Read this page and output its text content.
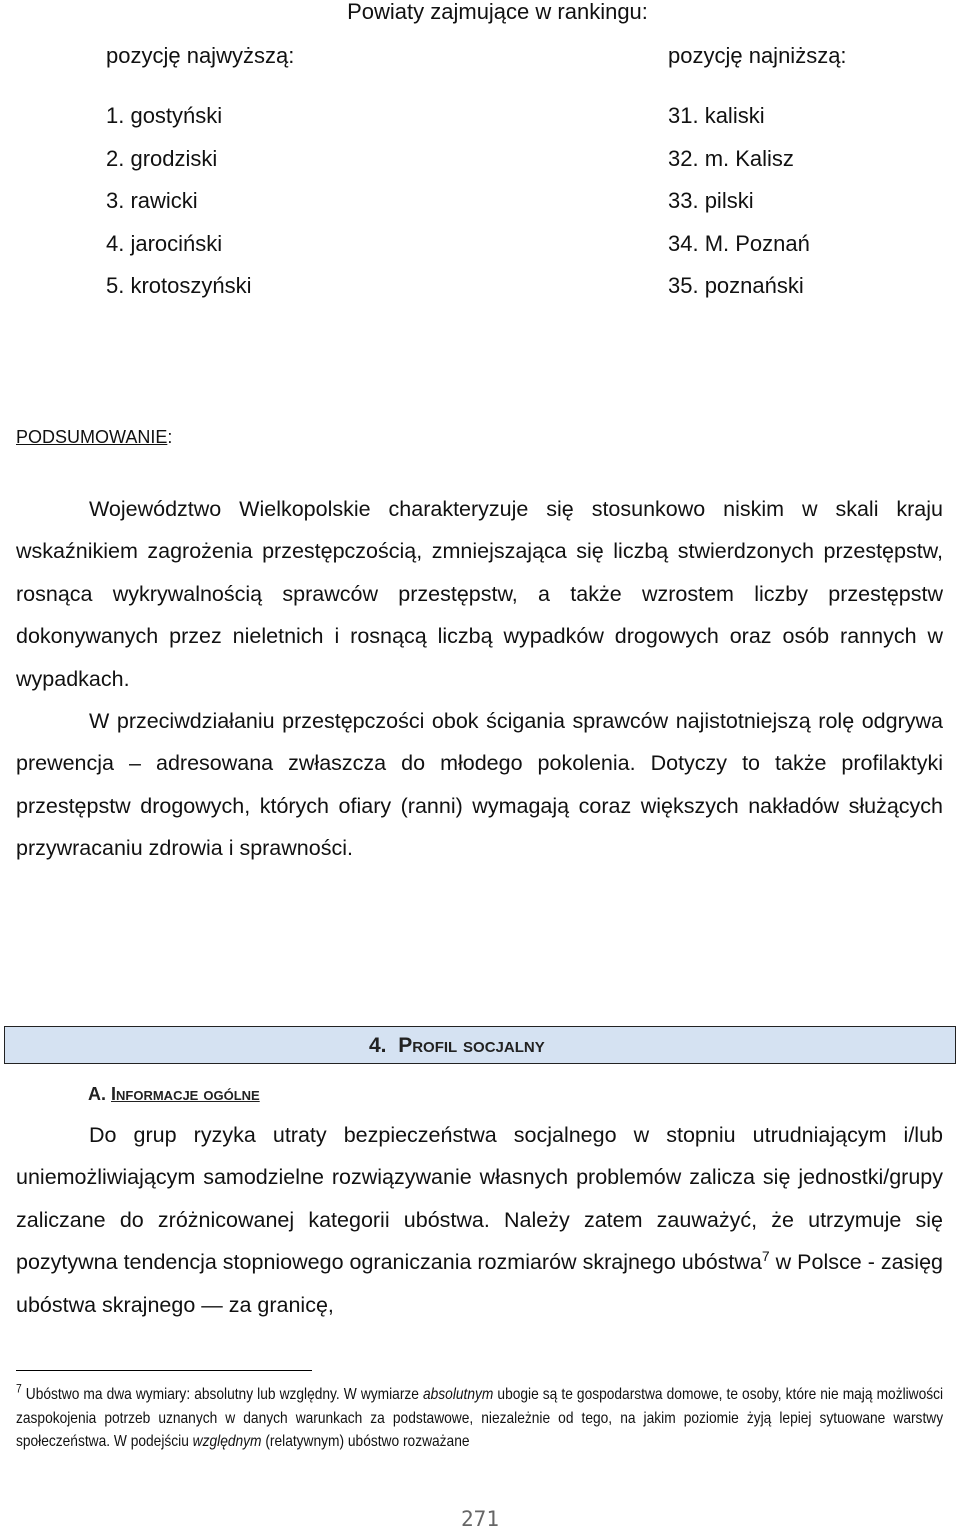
Powiaty zajmujące w rankingu:
pozycję najwyższą:	pozycję najniższą:
1. gostyński
2. grodziski
3. rawicki
4. jarociński
5. krotoszyński
31. kaliski
32. m. Kalisz
33. pilski
34. M. Poznań
35. poznański
PODSUMOWANIE:

Województwo Wielkopolskie charakteryzuje się stosunkowo niskim w skali kraju wskaźnikiem zagrożenia przestępczością, zmniejszająca się liczbą stwierdzonych przestępstw, rosnąca wykrywalnością sprawców przestępstw, a także wzrostem liczby przestępstw dokonywanych przez nieletnich i rosnącą liczbą wypadków drogowych oraz osób rannych w wypadkach.

W przeciwdziałaniu przestępczości obok ścigania sprawców najistotniejszą rolę odgrywa prewencja – adresowana zwłaszcza do młodego pokolenia. Dotyczy to także profilaktyki przestępstw drogowych, których ofiary (ranni) wymagają coraz większych nakładów służących przywracaniu zdrowia i sprawności.

4. Profil socjalny
A. Informacje ogólne

Do grup ryzyka utraty bezpieczeństwa socjalnego w stopniu utrudniającym i/lub uniemożliwiającym samodzielne rozwiązywanie własnych problemów zalicza się jednostki/grupy zaliczane do zróżnicowanej kategorii ubóstwa. Należy zatem zauważyć, że utrzymuje się pozytywna tendencja stopniowego ograniczania rozmiarów skrajnego ubóstwa$^7$ w Polsce - zasięg ubóstwa skrajnego — za granicę,

$^7$ Ubóstwo ma dwa wymiary: absolutny lub względny. W wymiarze absolutnym ubogie są te gospodarstwa domowe, te osoby, które nie mają możliwości zaspokojenia potrzeb uznanych w danych warunkach za podstawowe, niezależnie od tego, na jakim poziomie żyją lepiej sytuowane warstwy społeczeństwa. W podejściu względnym (relatywnym) ubóstwo rozważane

271
